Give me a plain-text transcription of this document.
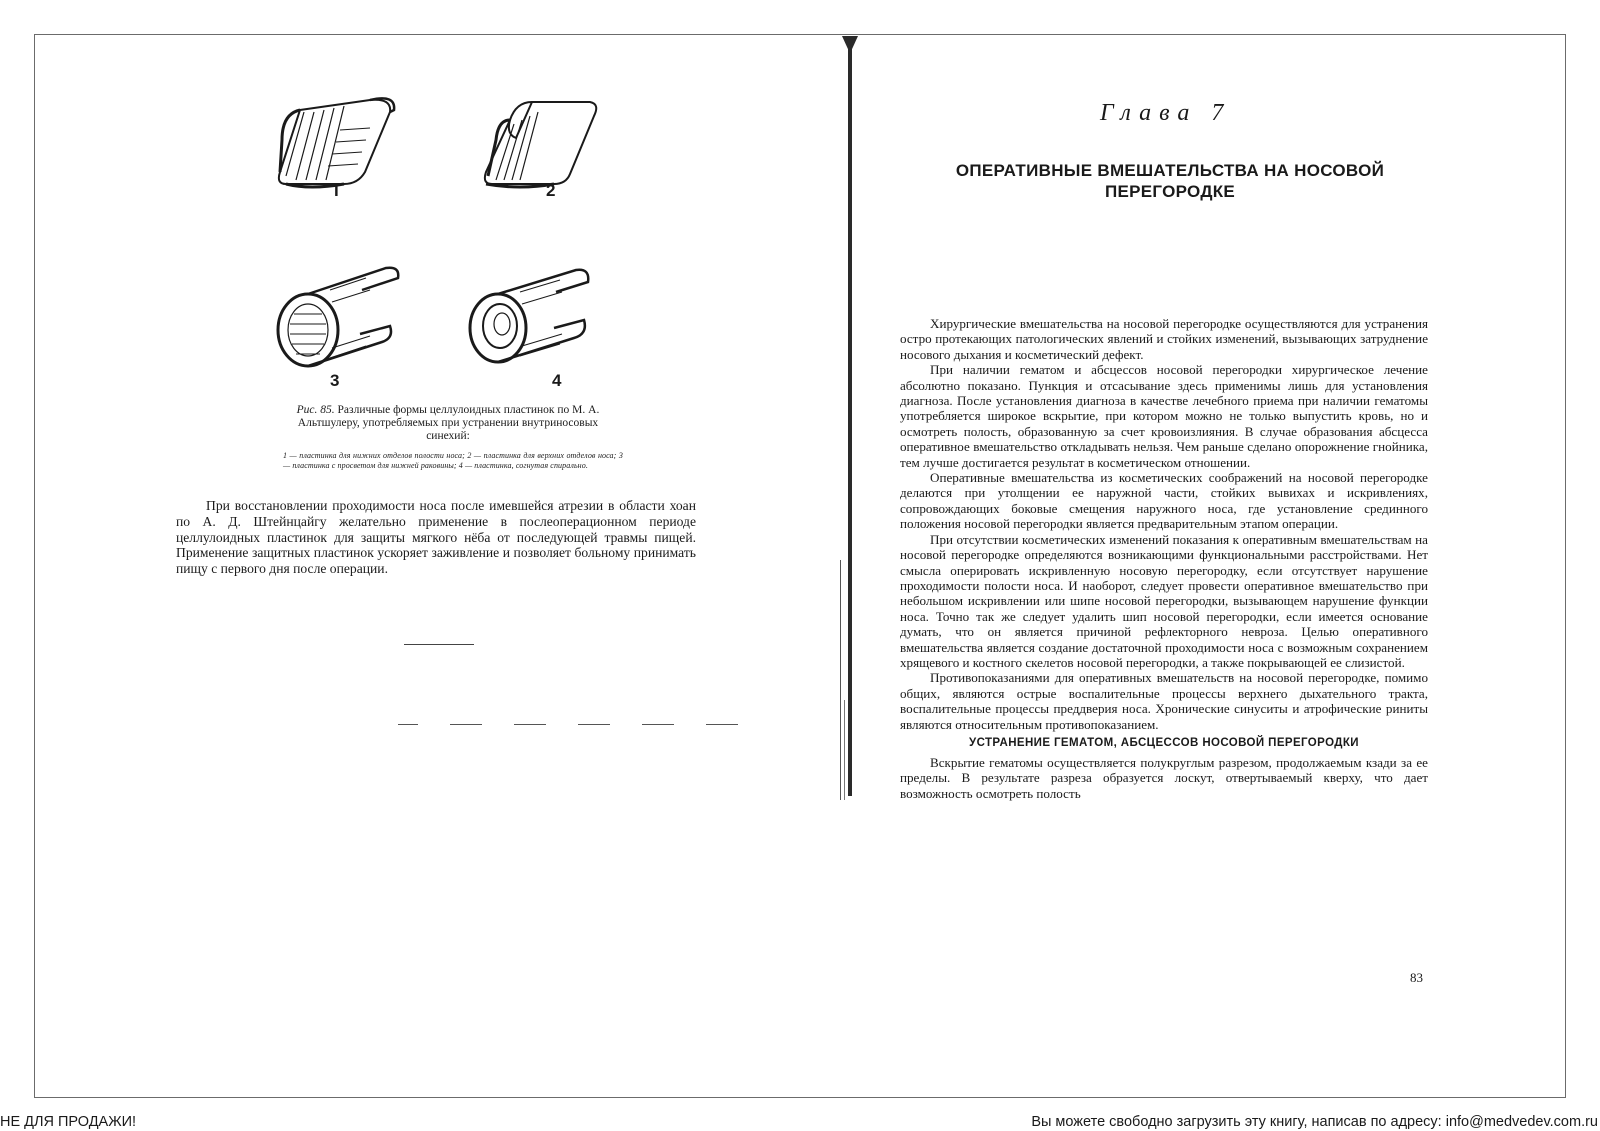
I	2
3	4
Рис. 85. Различные формы целлулоидных пластинок по М. А. Альтшулеру, употребляемых при устранении внутриносовых синехий:
1 — пластинка для нижних отделов полости носа; 2 — пластинка для верхних отделов носа; 3 — пластинка с просветом для нижней раковины; 4 — пластинка, согнутая спирально.
При восстановлении проходимости носа после имевшейся атрезии в области хоан по А. Д. Штейнцайгу желательно применение в послеоперационном периоде целлулоидных пластинок для защиты мягкого нёба от последующей травмы пищей. Применение защитных пластинок ускоряет заживление и позволяет больному принимать пищу с первого дня после операции.
Глава 7
ОПЕРАТИВНЫЕ ВМЕШАТЕЛЬСТВА НА НОСОВОЙ ПЕРЕГОРОДКЕ

Хирургические вмешательства на носовой перегородке осуществляются для устранения остро протекающих патологических явлений и стойких изменений, вызывающих затруднение носового дыхания и косметический дефект.

При наличии гематом и абсцессов носовой перегородки хирургическое лечение абсолютно показано. Пункция и отсасывание здесь применимы лишь для установления диагноза. После установления диагноза в качестве лечебного приема при наличии гематомы употребляется широкое вскрытие, при котором можно не только выпустить кровь, но и осмотреть полость, образованную за счет кровоизлияния. В случае образования абсцесса оперативное вмешательство откладывать нельзя. Чем раньше сделано опорожнение гнойника, тем лучше достигается результат в косметическом отношении.

Оперативные вмешательства из косметических соображений на носовой перегородке делаются при утолщении ее наружной части, стойких вывихах и искривлениях, сопровождающих боковые смещения наружного носа, где установление срединного положения носовой перегородки является предварительным этапом операции.

При отсутствии косметических изменений показания к оперативным вмешательствам на носовой перегородке определяются возникающими функциональными расстройствами. Нет смысла оперировать искривленную носовую перегородку, если отсутствует нарушение проходимости полости носа. И наоборот, следует провести оперативное вмешательство при небольшом искривлении или шипе носовой перегородки, вызывающем нарушение функции носа. Точно так же следует удалить шип носовой перегородки, если имеется основание думать, что он является причиной рефлекторного невроза. Целью оперативного вмешательства является создание достаточной проходимости носа с возможным сохранением хрящевого и костного скелетов носовой перегородки, а также покрывающей ее слизистой.

Противопоказаниями для оперативных вмешательств на носовой перегородке, помимо общих, являются острые воспалительные процессы верхнего дыхательного тракта, воспалительные процессы преддверия носа. Хронические синуситы и атрофические риниты являются относительным противопоказанием.

УСТРАНЕНИЕ ГЕМАТОМ, АБСЦЕССОВ НОСОВОЙ ПЕРЕГОРОДКИ

Вскрытие гематомы осуществляется полукруглым разрезом, продолжаемым кзади за ее пределы. В результате разреза образуется лоскут, отвертываемый кверху, что дает возможность осмотреть полость

83
НЕ ДЛЯ ПРОДАЖИ!	Вы можете свободно загрузить эту книгу, написав по адресу: info@medvedev.com.ru
